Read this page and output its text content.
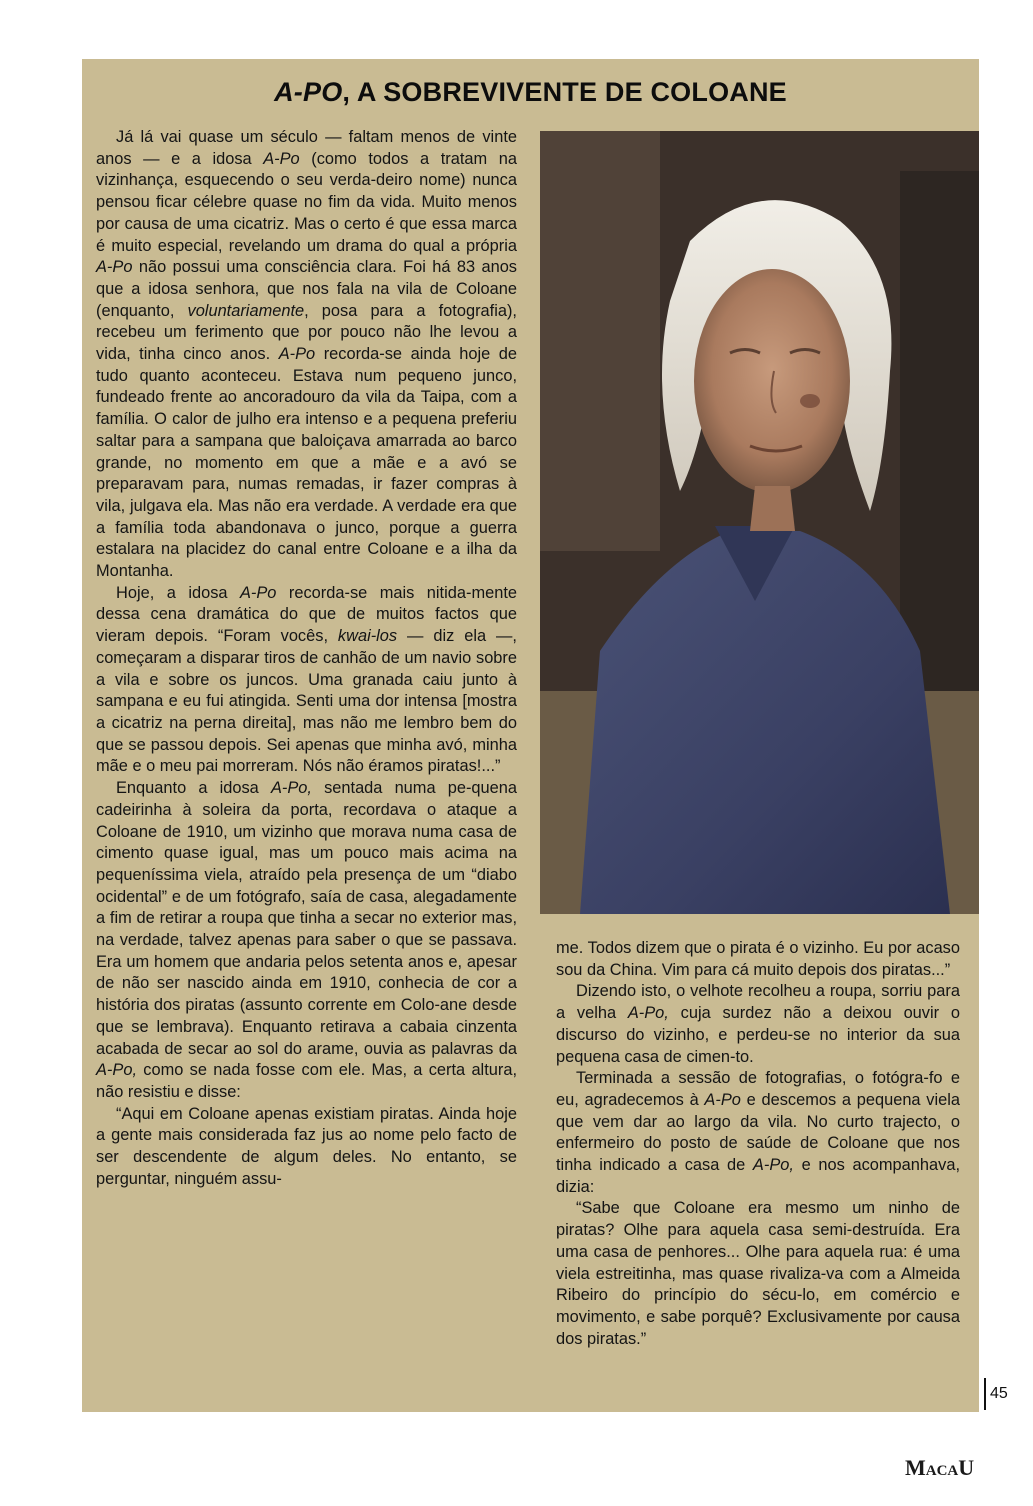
A-PO, A SOBREVIVENTE DE COLOANE

Já lá vai quase um século — faltam menos de vinte anos — e a idosa A-Po (como todos a tratam na vizinhança, esquecendo o seu verda-deiro nome) nunca pensou ficar célebre quase no fim da vida. Muito menos por causa de uma cicatriz. Mas o certo é que essa marca é muito especial, revelando um drama do qual a própria A-Po não possui uma consciência clara. Foi há 83 anos que a idosa senhora, que nos fala na vila de Coloane (enquanto, voluntariamente, posa para a fotografia), recebeu um ferimento que por pouco não lhe levou a vida, tinha cinco anos. A-Po recorda-se ainda hoje de tudo quanto aconteceu. Estava num pequeno junco, fundeado frente ao ancoradouro da vila da Taipa, com a família. O calor de julho era intenso e a pequena preferiu saltar para a sampana que baloiçava amarrada ao barco grande, no momento em que a mãe e a avó se preparavam para, numas remadas, ir fazer compras à vila, julgava ela. Mas não era verdade. A verdade era que a família toda abandonava o junco, porque a guerra estalara na placidez do canal entre Coloane e a ilha da Montanha.

Hoje, a idosa A-Po recorda-se mais nitida-mente dessa cena dramática do que de muitos factos que vieram depois. “Foram vocês, kwai-los — diz ela —, começaram a disparar tiros de canhão de um navio sobre a vila e sobre os juncos. Uma granada caiu junto à sampana e eu fui atingida. Senti uma dor intensa [mostra a cicatriz na perna direita], mas não me lembro bem do que se passou depois. Sei apenas que minha avó, minha mãe e o meu pai morreram. Nós não éramos piratas!...”

Enquanto a idosa A-Po, sentada numa pe-quena cadeirinha à soleira da porta, recordava o ataque a Coloane de 1910, um vizinho que morava numa casa de cimento quase igual, mas um pouco mais acima na pequeníssima viela, atraído pela presença de um “diabo ocidental” e de um fotógrafo, saía de casa, alegadamente a fim de retirar a roupa que tinha a secar no exterior mas, na verdade, talvez apenas para saber o que se passava. Era um homem que andaria pelos setenta anos e, apesar de não ser nascido ainda em 1910, conhecia de cor a história dos piratas (assunto corrente em Colo-ane desde que se lembrava). Enquanto retirava a cabaia cinzenta acabada de secar ao sol do arame, ouvia as palavras da A-Po, como se nada fosse com ele. Mas, a certa altura, não resistiu e disse:

“Aqui em Coloane apenas existiam piratas. Ainda hoje a gente mais considerada faz jus ao nome pelo facto de ser descendente de algum deles. No entanto, se perguntar, ninguém assu-

me. Todos dizem que o pirata é o vizinho. Eu por acaso sou da China. Vim para cá muito depois dos piratas...”

Dizendo isto, o velhote recolheu a roupa, sorriu para a velha A-Po, cuja surdez não a deixou ouvir o discurso do vizinho, e perdeu-se no interior da sua pequena casa de cimen-to.

Terminada a sessão de fotografias, o fotógra-fo e eu, agradecemos à A-Po e descemos a pequena viela que vem dar ao largo da vila. No curto trajecto, o enfermeiro do posto de saúde de Coloane que nos tinha indicado a casa de A-Po, e nos acompanhava, dizia:

“Sabe que Coloane era mesmo um ninho de piratas? Olhe para aquela casa semi-destruída. Era uma casa de penhores... Olhe para aquela rua: é uma viela estreitinha, mas quase rivaliza-va com a Almeida Ribeiro do princípio do sécu-lo, em comércio e movimento, e sabe porquê? Exclusivamente por causa dos piratas.”

45
MacaU
